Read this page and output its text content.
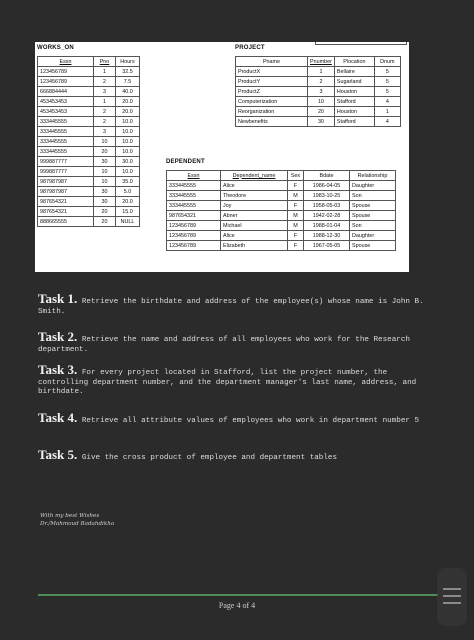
WORKS_ON
Essn	Pno	Hours
123456789	1	32.5
123456789	2	7.5
666884444	3	40.0
453453453	1	20.0
453453453	2	20.0
333445555	2	10.0
333445555	3	10.0
333445555	10	10.0
333445555	20	10.0
999887777	30	30.0
999887777	10	10.0
987987987	10	35.0
987987987	30	5.0
987654321	30	20.0
987654321	20	15.0
888665555	20	NULL
PROJECT
Pname	Pnumber	Plocation	Dnum
ProductX	1	Bellaire	5
ProductY	2	Sugarland	5
ProductZ	3	Houston	5
Computerization	10	Stafford	4
Reorganization	20	Houston	1
Newbenefits	30	Stafford	4
DEPENDENT
Essn	Dependent_name	Sex	Bdate	Relationship
333445555	Alice	F	1986-04-05	Daughter
333445555	Theodore	M	1983-10-25	Son
333445555	Joy	F	1958-05-03	Spouse
987654321	Abner	M	1942-02-28	Spouse
123456789	Michael	M	1988-01-04	Son
123456789	Alice	F	1988-12-30	Daughter
123456789	Elizabeth	F	1967-05-05	Spouse
Task 1. Retrieve the birthdate and address of the employee(s) whose name is John B. Smith.
Task 2. Retrieve the name and address of all employees who work for the Research department.
Task 3. For every project located in Stafford, list the project number, the controlling department number, and the department manager's last name, address, and birthdate.
Task 4. Retrieve all attribute values of employees who work in department number 5
Task 5. Give the cross product of employee and department tables
With my best Wishes
Dr./Mahmoud Badahdikha
Page 4 of 4
